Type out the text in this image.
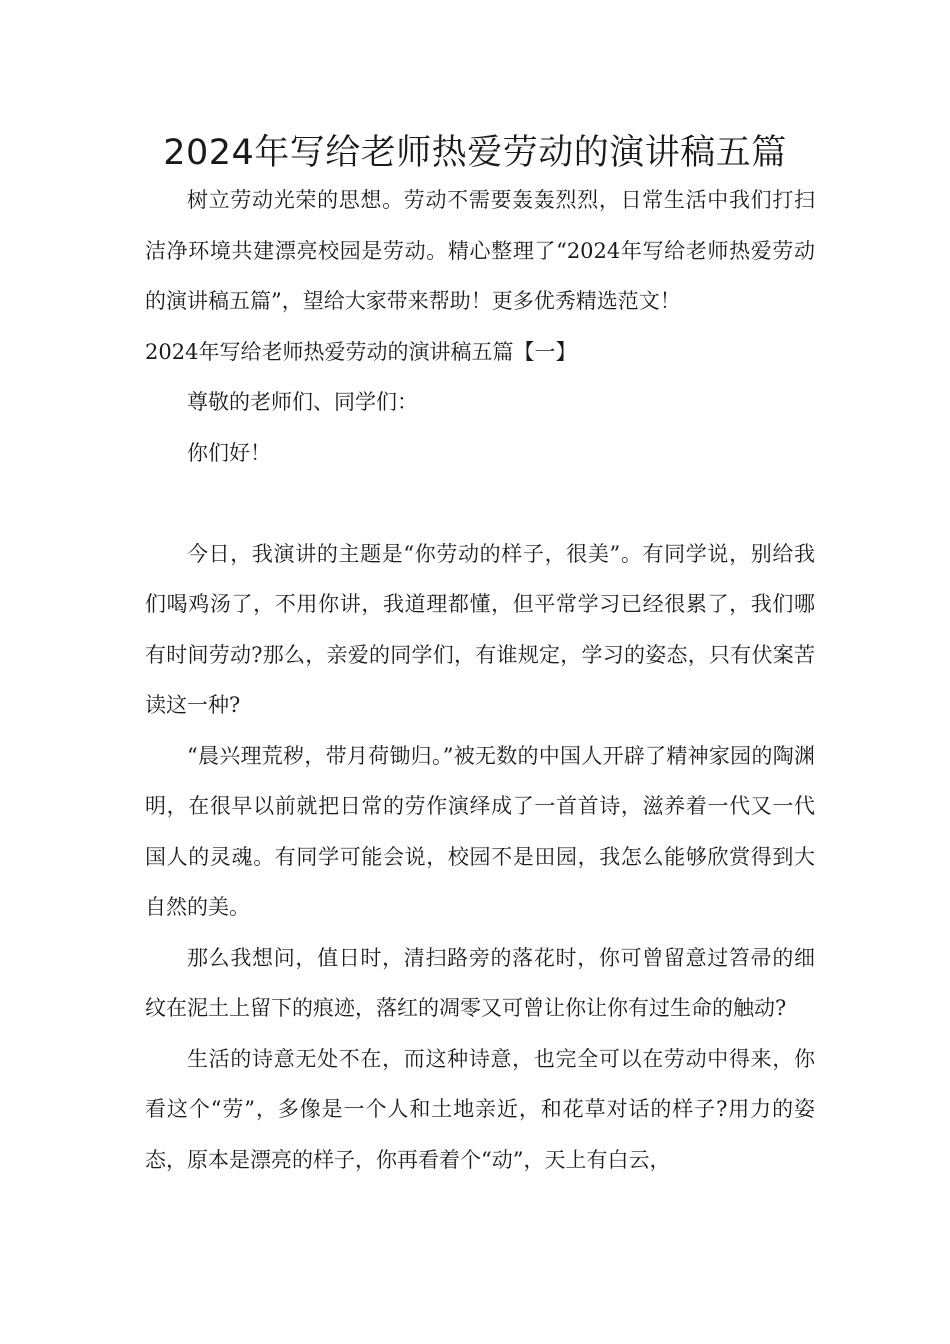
2024年写给老师热爱劳动的演讲稿五篇

树立劳动光荣的思想。劳动不需要轰轰烈烈，日常生活中我们打扫洁净环境共建漂亮校园是劳动。精心整理了“2024年写给老师热爱劳动的演讲稿五篇”，望给大家带来帮助！更多优秀精选范文！

2024年写给老师热爱劳动的演讲稿五篇【一】

尊敬的老师们、同学们：

你们好！

今日，我演讲的主题是“你劳动的样子，很美”。有同学说，别给我们喝鸡汤了，不用你讲，我道理都懂，但平常学习已经很累了，我们哪有时间劳动?那么，亲爱的同学们，有谁规定，学习的姿态，只有伏案苦读这一种?

“晨兴理荒秽，带月荷锄归。”被无数的中国人开辟了精神家园的陶渊明，在很早以前就把日常的劳作演绎成了一首首诗，滋养着一代又一代国人的灵魂。有同学可能会说，校园不是田园，我怎么能够欣赏得到大自然的美。

那么我想问，值日时，清扫路旁的落花时，你可曾留意过笤帚的细纹在泥土上留下的痕迹，落红的凋零又可曾让你让你有过生命的触动?

生活的诗意无处不在，而这种诗意，也完全可以在劳动中得来，你看这个“劳”，多像是一个人和土地亲近，和花草对话的样子?用力的姿态，原本是漂亮的样子，你再看着个“动”，天上有白云，
